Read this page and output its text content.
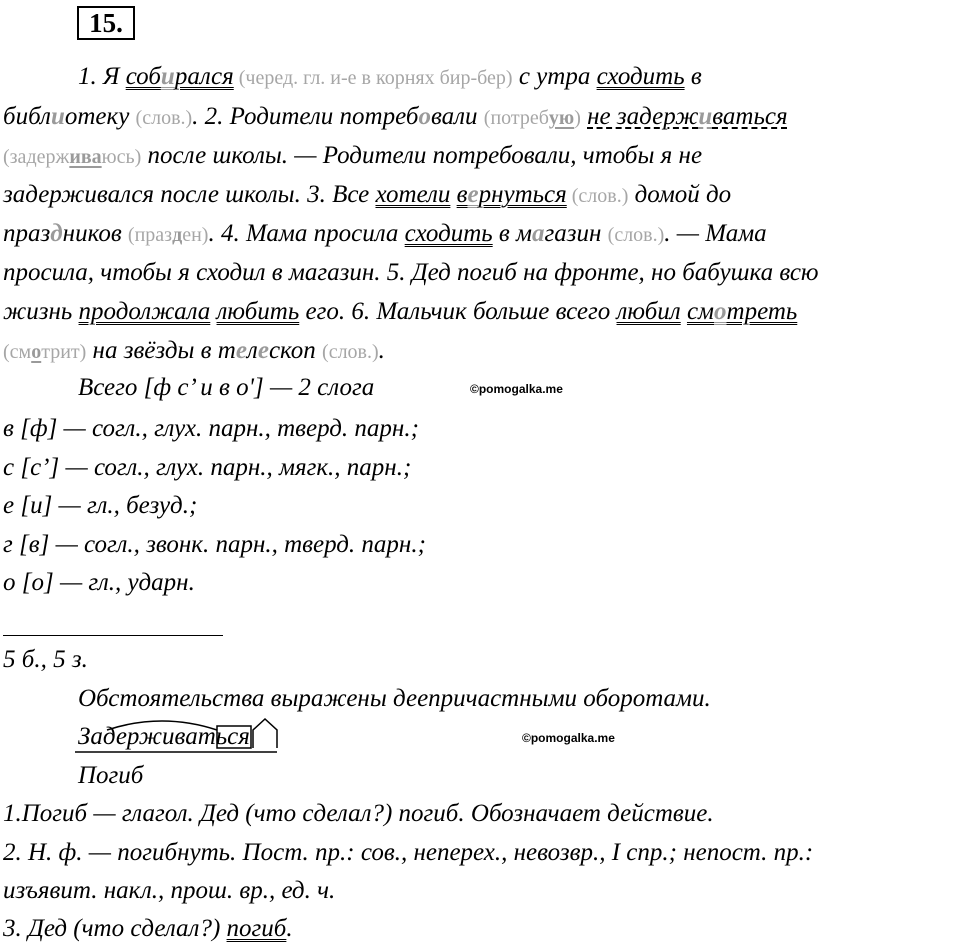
15.
1. Я собирался (черед. гл. и-е в корнях бир-бер) с утра сходить в
библиотеку (слов.). 2. Родители потребовали (потребую) не задерживаться
(задерживаюсь) после школы. — Родители потребовали, чтобы я не
задерживался после школы. 3. Все хотели вернуться (слов.) домой до
праздников (празден). 4. Мама просила сходить в магазин (слов.). — Мама
просила, чтобы я сходил в магазин. 5. Дед погиб на фронте, но бабушка всю
жизнь продолжала любить его. 6. Мальчик больше всего любил смотреть
(смотрит) на звёзды в телескоп (слов.).
Всего [ф с’ и в о'] — 2 слога	©pomogalka.me
в [ф] — согл., глух. парн., тверд. парн.;
с [с’] — согл., глух. парн., мягк., парн.;
е [и] — гл., безуд.;
г [в] — согл., звонк. парн., тверд. парн.;
о [о] — гл., ударн.
5 б., 5 з.
Обстоятельства выражены деепричастными оборотами.
Задерживаться	©pomogalka.me
Погиб
1.Погиб — глагол. Дед (что сделал?) погиб. Обозначает действие.
2. Н. ф. — погибнуть. Пост. пр.: сов., неперех., невозвр., I спр.; непост. пр.:
изъявит. накл., прош. вр., ед. ч.
3. Дед (что сделал?) погиб.
